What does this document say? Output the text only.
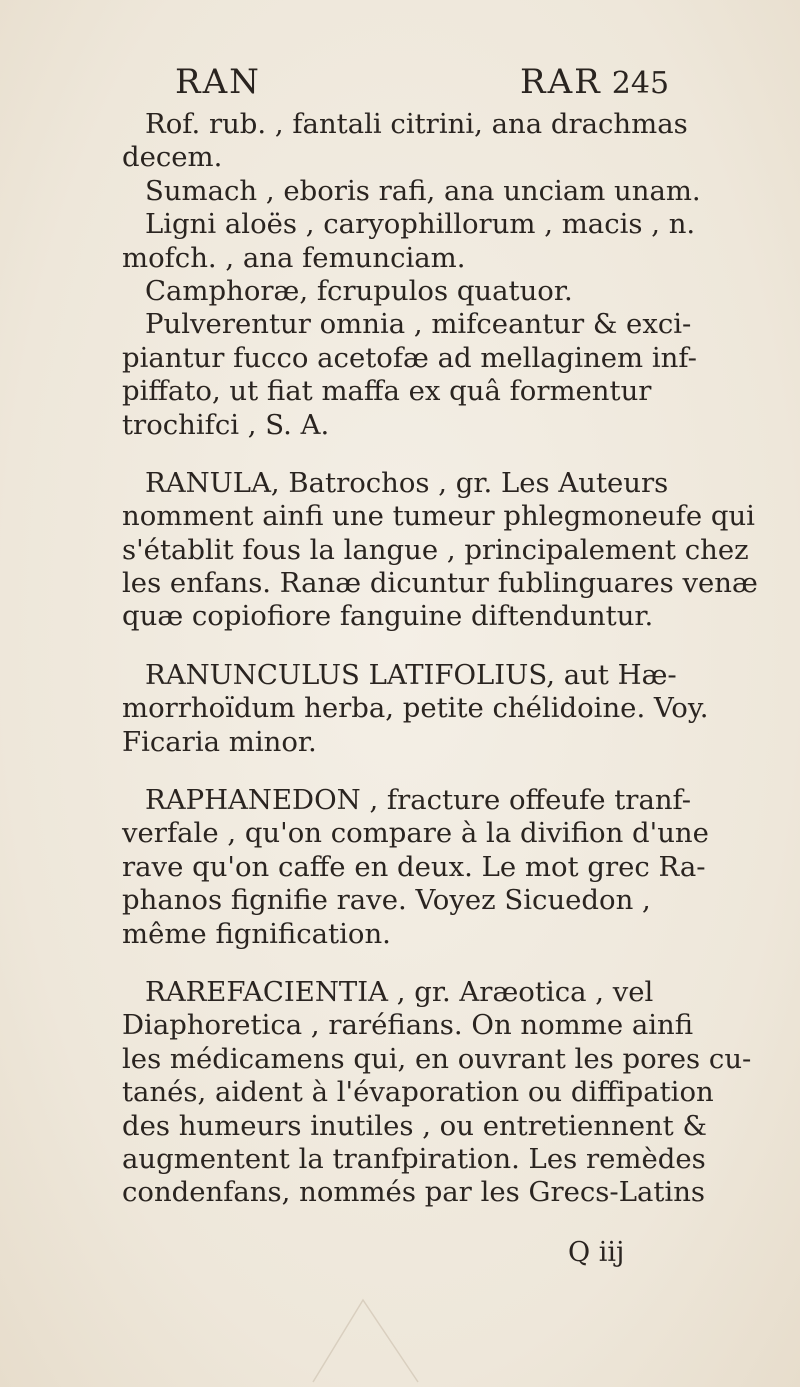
RAN	RAR 245
Rof. rub. , fantali citrini, ana drachmas
decem.
Sumach , eboris rafi, ana unciam unam.
Ligni aloës , caryophillorum , macis , n.
mofch. , ana femunciam.
Camphoræ, fcrupulos quatuor.
Pulverentur omnia , mifceantur & exci-
piantur fucco acetofæ ad mellaginem inf-
piffato, ut fiat maffa ex quâ formentur
trochifci , S. A.
RANULA, Batrochos , gr. Les Auteurs
nomment ainfi une tumeur phlegmoneufe qui
s'établit fous la langue , principalement chez
les enfans. Ranæ dicuntur fublinguares venæ
quæ copiofiore fanguine diftenduntur.
RANUNCULUS LATIFOLIUS, aut Hæ-
morrhoïdum herba, petite chélidoine. Voy.
Ficaria minor.
RAPHANEDON , fracture offeufe tranf-
verfale , qu'on compare à la divifion d'une
rave qu'on caffe en deux. Le mot grec Ra-
phanos fignifie rave. Voyez Sicuedon ,
même fignification.
RAREFACIENTIA , gr. Aræotica , vel
Diaphoretica , raréfians. On nomme ainfi
les médicamens qui, en ouvrant les pores cu-
tanés, aident à l'évaporation ou diffipation
des humeurs inutiles , ou entretiennent &
augmentent la tranfpiration. Les remèdes
condenfans, nommés par les Grecs-Latins
Q iij
